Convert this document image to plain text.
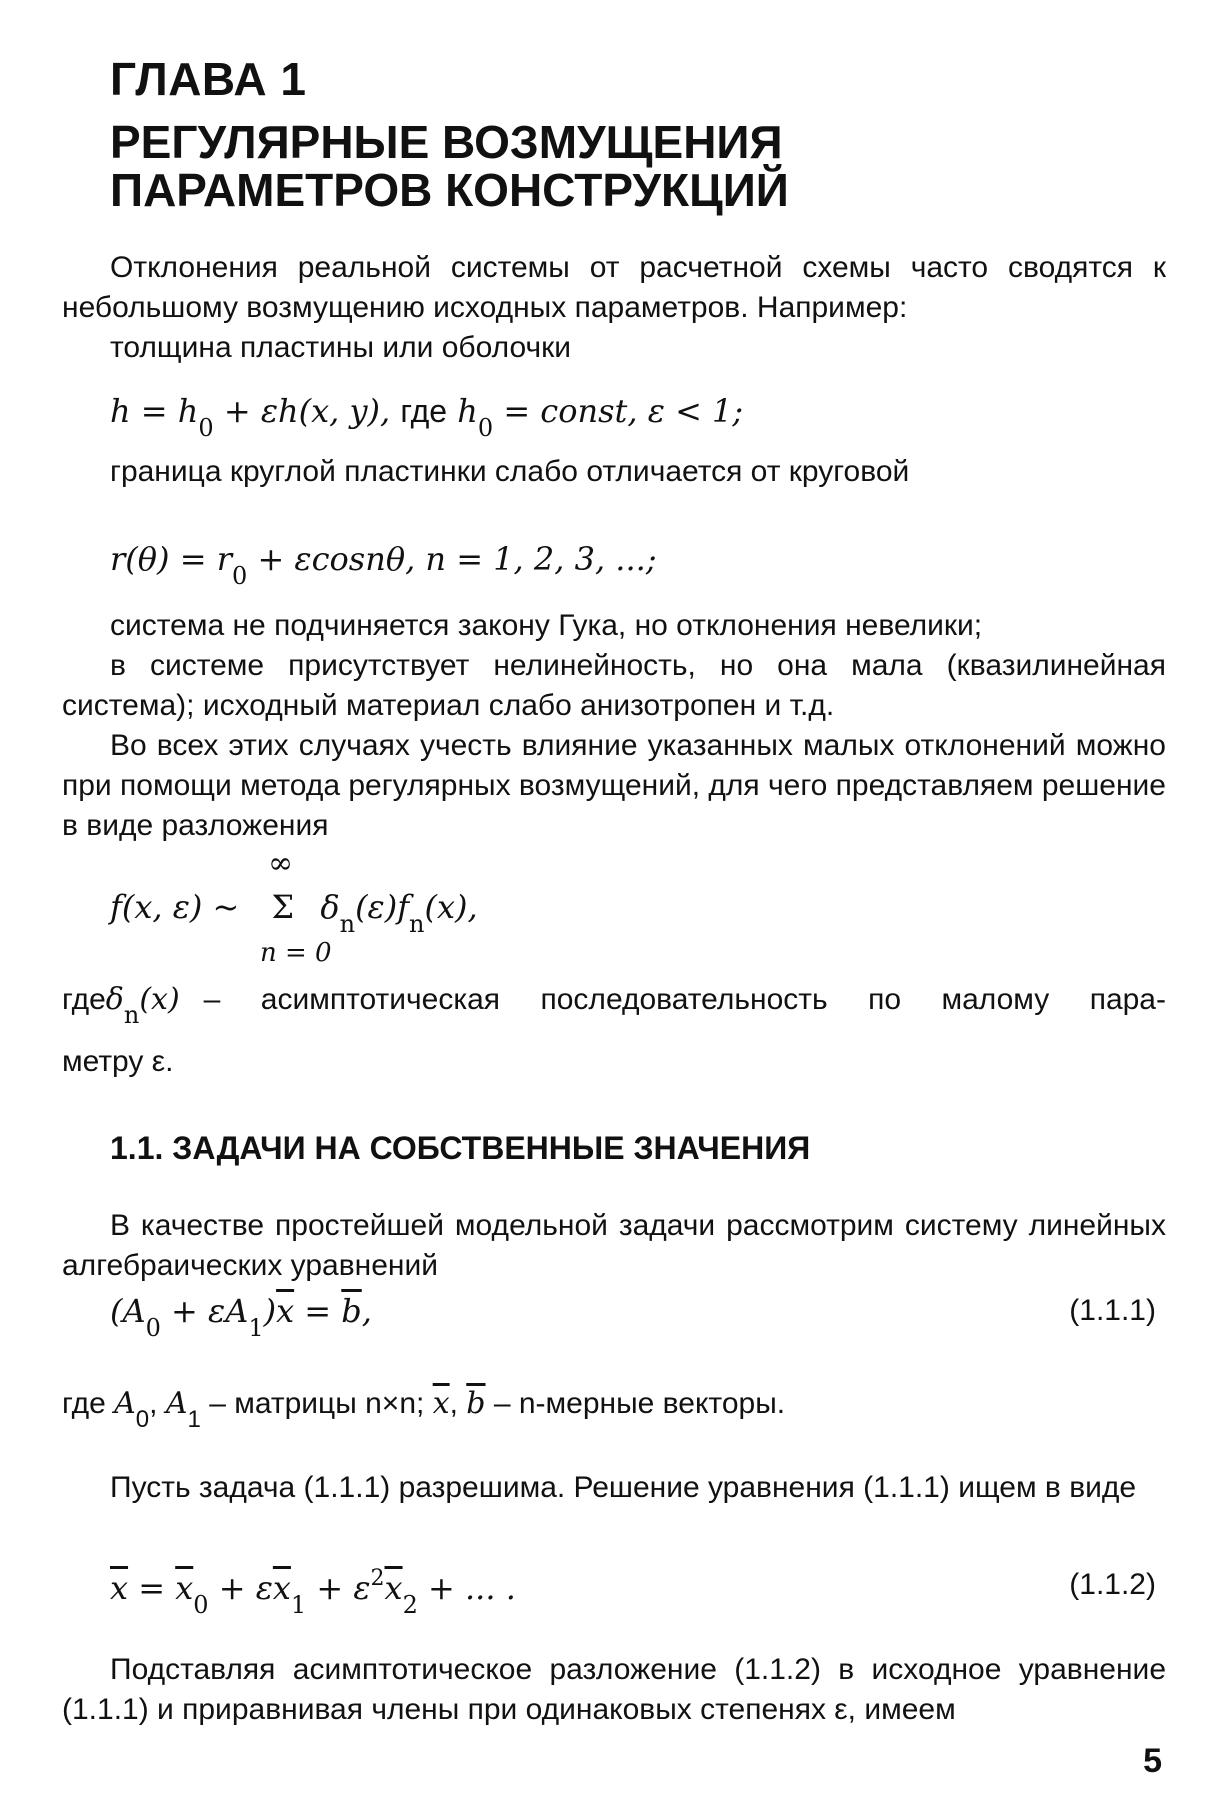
ГЛАВА 1
РЕГУЛЯРНЫЕ ВОЗМУЩЕНИЯ ПАРАМЕТРОВ КОНСТРУКЦИЙ
Отклонения реальной системы от расчетной схемы часто сводятся к небольшому возмущению исходных параметров. Например:
толщина пластины или оболочки
$h = h_0 + \varepsilon h(x$, y), где $h_0$ = const, ε < 1;
граница круглой пластинки слабо отличается от круговой
$r(\theta) = r_0 + \varepsilon\cos n\theta$, n = 1, 2, 3, ...;
система не подчиняется закону Гука, но отклонения невелики;
в системе присутствует нелинейность, но она мала (квазилинейная система); исходный материал слабо анизотропен и т.д.
Во всех этих случаях учесть влияние указанных малых отклонений можно при помощи метода регулярных возмущений, для чего представляем решение в виде разложения
∞
f(x, ε) ~ Σ $\delta_n(\varepsilon)f_n(x)$,
n = 0
где $\delta_n(x)$ – асимптотическая последовательность по малому пара-
метру ε.
1.1. ЗАДАЧИ НА СОБСТВЕННЫЕ ЗНАЧЕНИЯ
В качестве простейшей модельной задачи рассмотрим систему линейных алгебраических уравнений
$(A_0 + \varepsilon A_1)\overline{x} = \overline{b}$,	(1.1.1)
где $A_0$, $A_1$ – матрицы n×n; $\overline{x}$, $\overline{b}$ – n-мерные векторы.
Пусть задача (1.1.1) разрешима. Решение уравнения (1.1.1) ищем в виде
$\overline{x} = \overline{x}_0 + \varepsilon\overline{x}_1 + \varepsilon^2\overline{x}_2$ + ... .	(1.1.2)
Подставляя асимптотическое разложение (1.1.2) в исходное уравнение (1.1.1) и приравнивая члены при одинаковых степенях ε, имеем
5
